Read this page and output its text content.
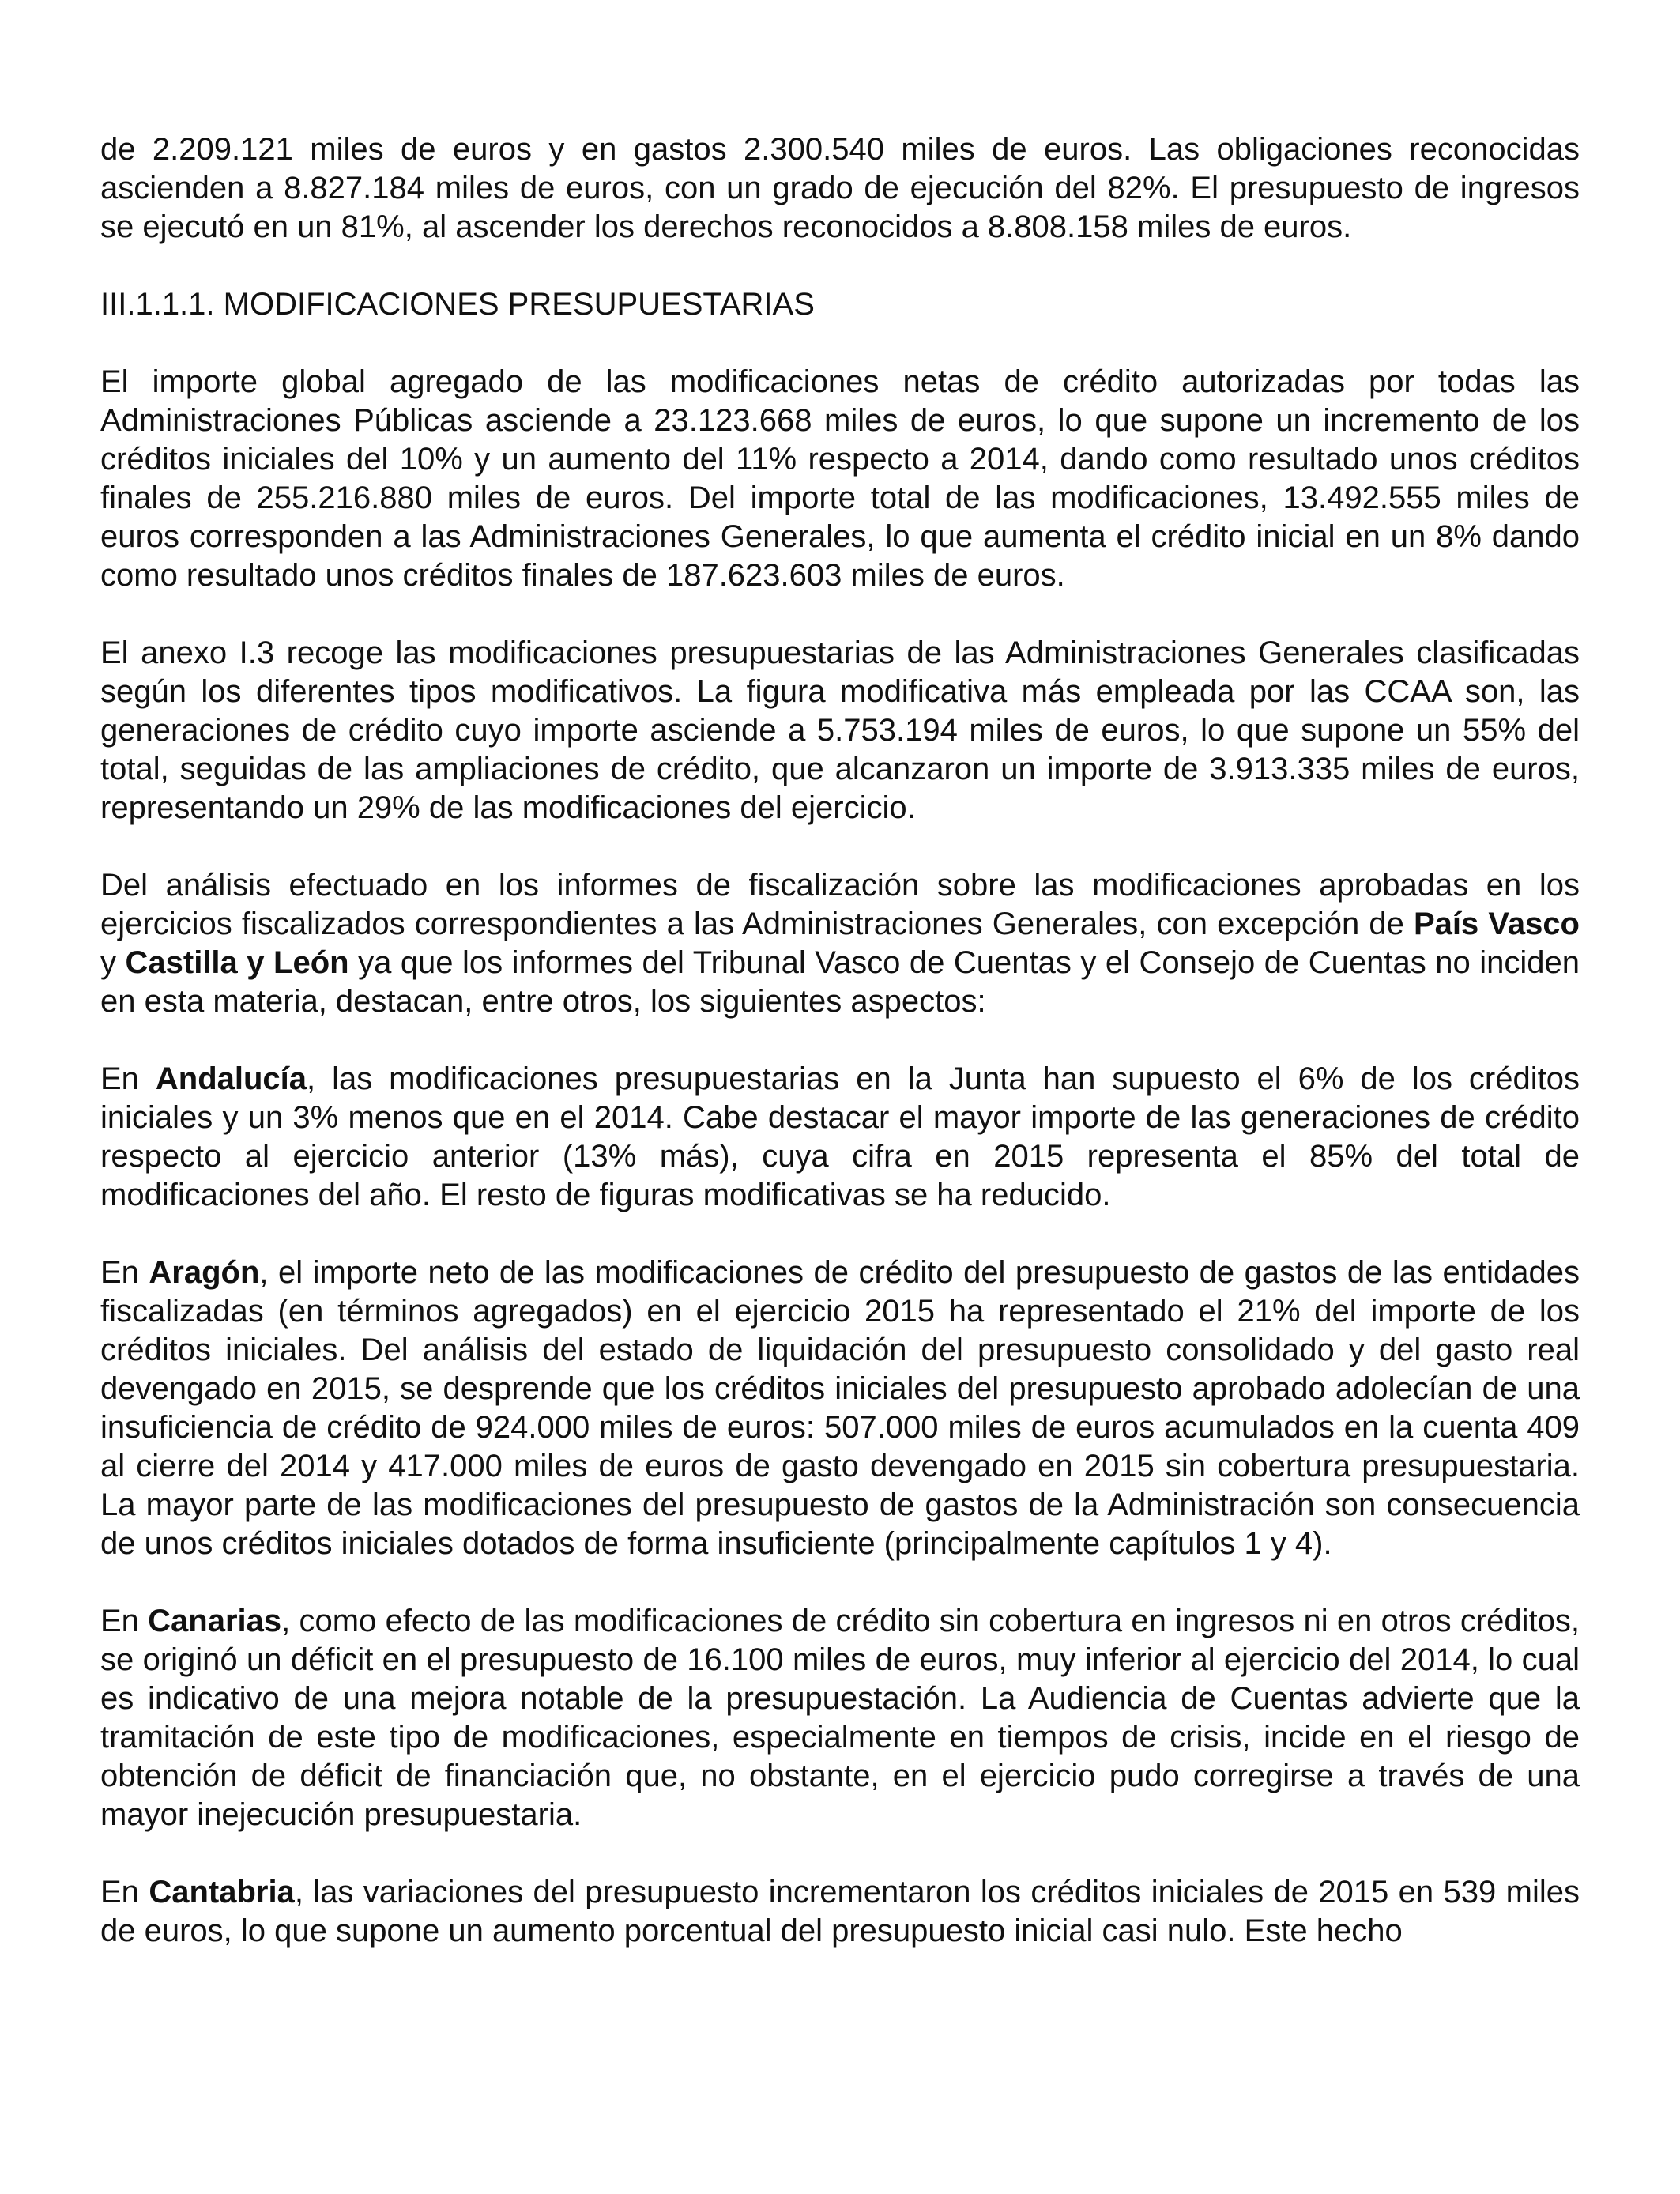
de 2.209.121 miles de euros y en gastos 2.300.540 miles de euros. Las obligaciones reconocidas ascienden a 8.827.184 miles de euros, con un grado de ejecución del 82%. El presupuesto de ingresos se ejecutó en un 81%, al ascender los derechos reconocidos a 8.808.158 miles de euros.

III.1.1.1. MODIFICACIONES PRESUPUESTARIAS

El importe global agregado de las modificaciones netas de crédito autorizadas por todas las Administraciones Públicas asciende a 23.123.668 miles de euros, lo que supone un incremento de los créditos iniciales del 10% y un aumento del 11% respecto a 2014, dando como resultado unos créditos finales de 255.216.880 miles de euros. Del importe total de las modificaciones, 13.492.555 miles de euros corresponden a las Administraciones Generales, lo que aumenta el crédito inicial en un 8% dando como resultado unos créditos finales de 187.623.603 miles de euros.

El anexo I.3 recoge las modificaciones presupuestarias de las Administraciones Generales clasificadas según los diferentes tipos modificativos. La figura modificativa más empleada por las CCAA son, las generaciones de crédito cuyo importe asciende a 5.753.194 miles de euros, lo que supone un 55% del total, seguidas de las ampliaciones de crédito, que alcanzaron un importe de 3.913.335 miles de euros, representando un 29% de las modificaciones del ejercicio.

Del análisis efectuado en los informes de fiscalización sobre las modificaciones aprobadas en los ejercicios fiscalizados correspondientes a las Administraciones Generales, con excepción de País Vasco y Castilla y León ya que los informes del Tribunal Vasco de Cuentas y el Consejo de Cuentas no inciden en esta materia, destacan, entre otros, los siguientes aspectos:

En Andalucía, las modificaciones presupuestarias en la Junta han supuesto el 6% de los créditos iniciales y un 3% menos que en el 2014. Cabe destacar el mayor importe de las generaciones de crédito respecto al ejercicio anterior (13% más), cuya cifra en 2015 representa el 85% del total de modificaciones del año. El resto de figuras modificativas se ha reducido.

En Aragón, el importe neto de las modificaciones de crédito del presupuesto de gastos de las entidades fiscalizadas (en términos agregados) en el ejercicio 2015 ha representado el 21% del importe de los créditos iniciales. Del análisis del estado de liquidación del presupuesto consolidado y del gasto real devengado en 2015, se desprende que los créditos iniciales del presupuesto aprobado adolecían de una insuficiencia de crédito de 924.000 miles de euros: 507.000 miles de euros acumulados en la cuenta 409 al cierre del 2014 y 417.000 miles de euros de gasto devengado en 2015 sin cobertura presupuestaria. La mayor parte de las modificaciones del presupuesto de gastos de la Administración son consecuencia de unos créditos iniciales dotados de forma insuficiente (principalmente capítulos 1 y 4).

En Canarias, como efecto de las modificaciones de crédito sin cobertura en ingresos ni en otros créditos, se originó un déficit en el presupuesto de 16.100 miles de euros, muy inferior al ejercicio del 2014, lo cual es indicativo de una mejora notable de la presupuestación. La Audiencia de Cuentas advierte que la tramitación de este tipo de modificaciones, especialmente en tiempos de crisis, incide en el riesgo de obtención de déficit de financiación que, no obstante, en el ejercicio pudo corregirse a través de una mayor inejecución presupuestaria.

En Cantabria, las variaciones del presupuesto incrementaron los créditos iniciales de 2015 en 539 miles de euros, lo que supone un aumento porcentual del presupuesto inicial casi nulo. Este hecho
